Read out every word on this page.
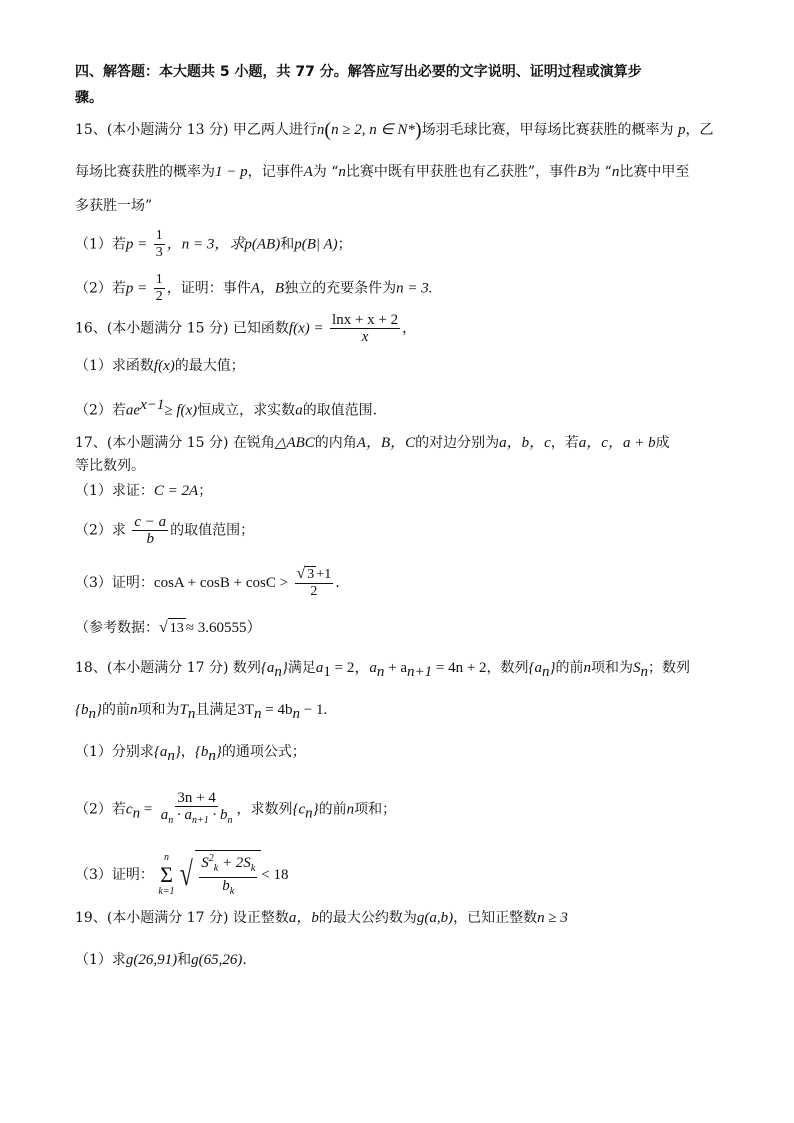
四、解答题：本大题共 5 小题，共 77 分。解答应写出必要的文字说明、证明过程或演算步
骤。
15、(本小题满分 13 分) 甲乙两人进行n(n ≥ 2, n ∈ N*)场羽毛球比赛，甲每场比赛获胜的概率为 p，乙
每场比赛获胜的概率为1 − p，记事件A为 “n比赛中既有甲获胜也有乙获胜”，事件B为 “n比赛中甲至
多获胜一场”
（1）若$p = \frac{1}{3}$ ，n = 3，求p(AB)和p(B| A)；
（2）若$p = \frac{1}{2}$ ，证明：事件A，B独立的充要条件为n = 3.
16、(本小题满分 15 分) 已知函数$f(x) = \frac{\ln x + x + 2}{x}$ ，
（1）求函数f(x)的最大值；
（2）若$ae^{x-1}\ge f(x)$恒成立，求实数a的取值范围.
17、(本小题满分 15 分) 在锐角△ABC的内角A，B，C的对边分别为a，b，c，若a，c，a + b成
等比数列。
（1）求证：C = 2A；
（2）求 $\frac{c - a}{b}$ 的取值范围；
（3）证明：$\cos A + \cos B + \cos C > \frac{√ 3 +1}{2}$ .
（参考数据： √ 13 ≈ 3.60555）
18、(本小题满分 17 分) 数列$\{a_n\}$满足$a_1 = 2$，$a_n + a_{n+1} = 4n + 2$，数列$\{a_n\}$的前n项和为$S_n$；数列
$\{b_n\}$的前n项和为$T_n$且满足$3T_n = 4b_n - 1$.
（1）分别求$\{a_n\}$，$\{b_n\}$的通项公式；
（2）若$c_n = \frac{3n + 4}{a_n \cdot a_{n+1} \cdot b_n}$ ，求数列$\{c_n\}$的前n项和；
（3）证明：
n
Σ
k=1 √ $\frac{S^2_k + 2S_k}{b_k} < 18$
19、(本小题满分 17 分) 设正整数a，b的最大公约数为g(a,b)，已知正整数n ≥ 3
（1）求g(26,91)和g(65,26).
